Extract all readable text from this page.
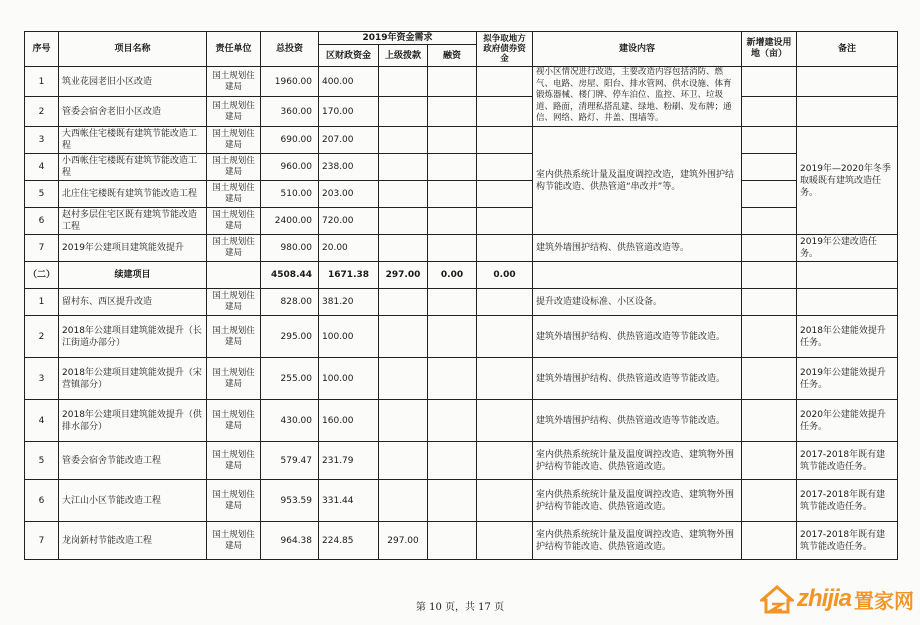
序号	项目名称	责任单位	总投资	2019年资金需求			拟争取地方政府债券资金	建设内容	新增建设用地（亩）	备注
				区财政资金	上级拨款	融资				
1	筑业花园老旧小区改造	国土规划住建局	1960.00	400.00				视小区情况进行改造，主要改造内容包括消防、燃气、电路、房屋、阳台、排水管网、供水设施、体育锻炼器械、楼门牌、停车泊位、监控、环卫、垃圾道、路面，清理私搭乱建、绿地、粉刷、发布牌；通信、网络、路灯、井盖、围墙等。		
2	管委会宿舍老旧小区改造	国土规划住建局	360.00	170.00						
3	大西帐住宅楼既有建筑节能改造工程	国土规划住建局	690.00	207.00				室内供热系统计量及温度调控改造，建筑外围护结构节能改造、供热管道“串改并”等。		2019年—2020年冬季取暖既有建筑改造任务。
4	小西帐住宅楼既有建筑节能改造工程	国土规划住建局	960.00	238.00						
5	北庄住宅楼既有建筑节能改造工程	国土规划住建局	510.00	203.00						
6	赵村多层住宅区既有建筑节能改造工程	国土规划住建局	2400.00	720.00						
7	2019年公建项目建筑能效提升	国土规划住建局	980.00	20.00				建筑外墙围护结构、供热管道改造等。		2019年公建改造任务。
（二）	续建项目		4508.44	1671.38	297.00	0.00	0.00			
1	留村东、西区提升改造	国土规划住建局	828.00	381.20				提升改造建设标准、小区设备。		
2	2018年公建项目建筑能效提升（长江街道办部分）	国土规划住建局	295.00	100.00				建筑外墙围护结构、供热管道改造等节能改造。		2018年公建能效提升任务。
3	2018年公建项目建筑能效提升（宋营镇部分）	国土规划住建局	255.00	100.00				建筑外墙围护结构、供热管道改造等节能改造。		2019年公建能效提升任务。
4	2018年公建项目建筑能效提升（供排水部分）	国土规划住建局	430.00	160.00				建筑外墙围护结构、供热管道改造等节能改造。		2020年公建能效提升任务。
5	管委会宿舍节能改造工程	国土规划住建局	579.47	231.79				室内供热系统统计量及温度调控改造、建筑物外围护结构节能改造、供热管道改造。		2017-2018年既有建筑节能改造任务。
6	大江山小区节能改造工程	国土规划住建局	953.59	331.44				室内供热系统统计量及温度调控改造、建筑物外围护结构节能改造、供热管道改造。		2017-2018年既有建筑节能改造任务。
7	龙岗新村节能改造工程	国土规划住建局	964.38	224.85	297.00			室内供热系统统计量及温度调控改造、建筑物外围护结构节能改造、供热管道改造。		2017-2018年既有建筑节能改造任务。
第 10 页，共 17 页	zhijia 置家网
